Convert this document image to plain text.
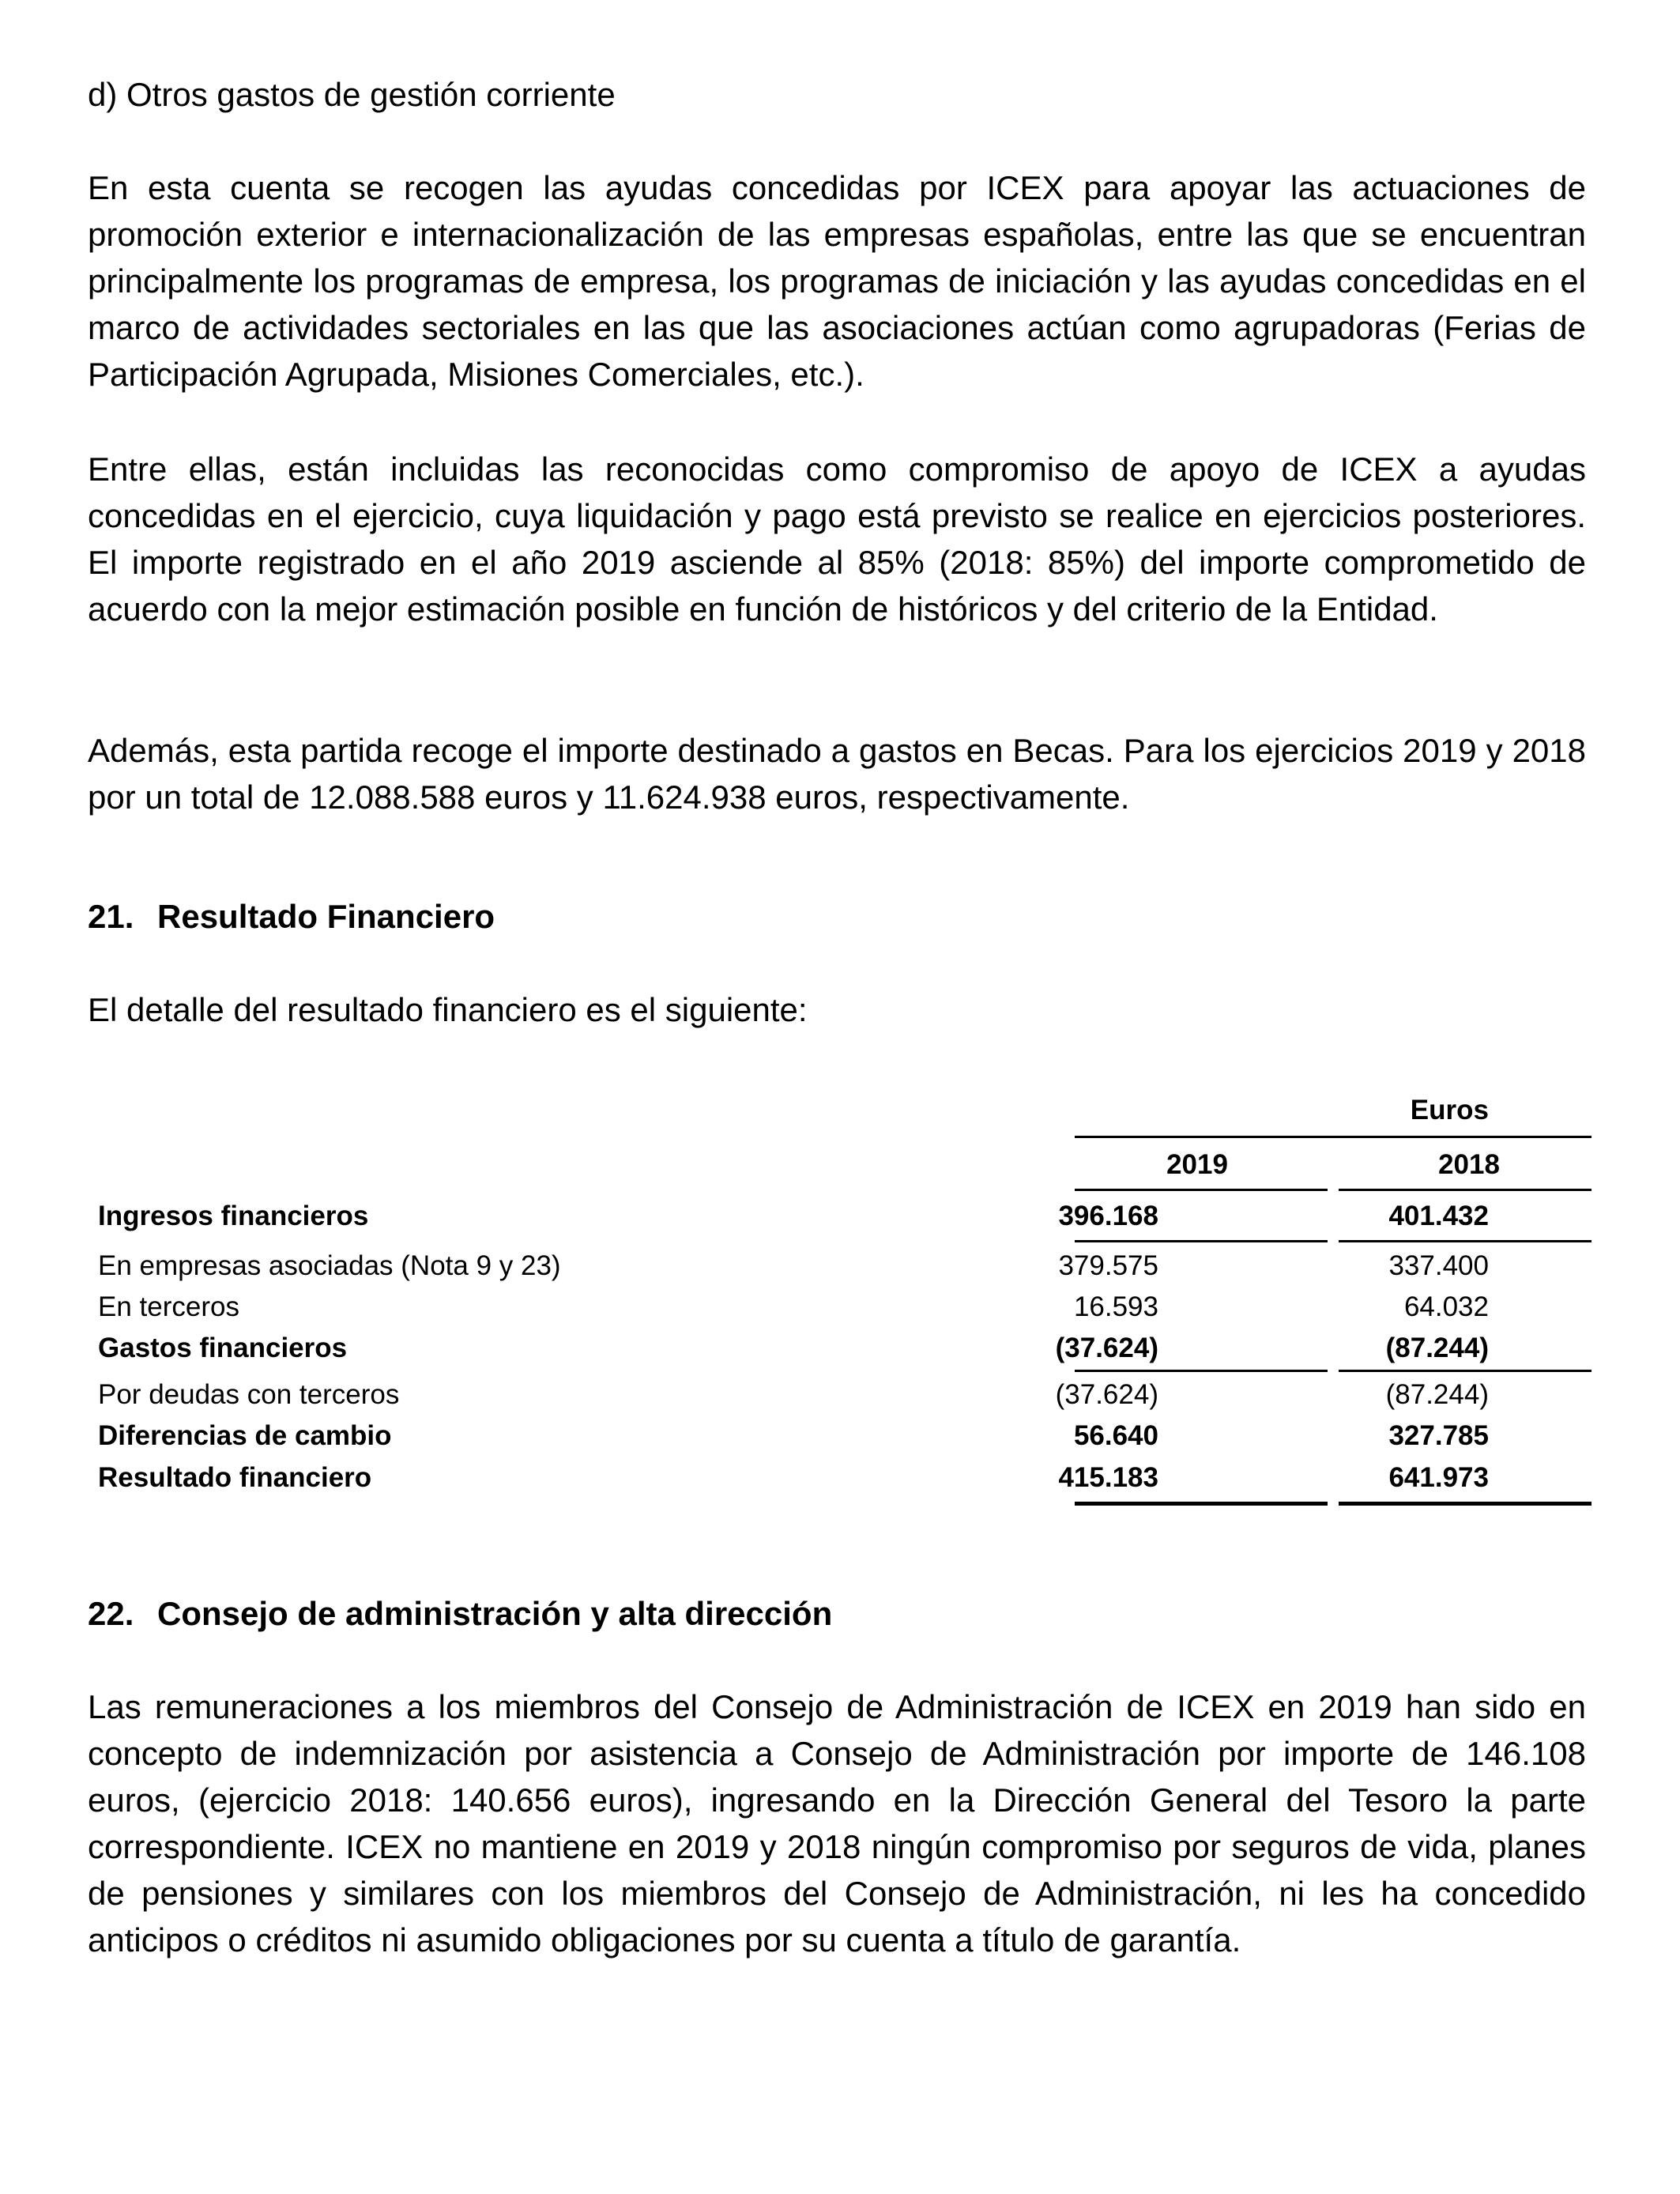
d) Otros gastos de gestión corriente

En esta cuenta se recogen las ayudas concedidas por ICEX para apoyar las actuaciones de promoción exterior e internacionalización de las empresas españolas, entre las que se encuentran principalmente los programas de empresa, los programas de iniciación y las ayudas concedidas en el marco de actividades sectoriales en las que las asociaciones actúan como agrupadoras (Ferias de Participación Agrupada, Misiones Comerciales, etc.).

Entre ellas, están incluidas las reconocidas como compromiso de apoyo de ICEX a ayudas concedidas en el ejercicio, cuya liquidación y pago está previsto se realice en ejercicios posteriores. El importe registrado en el año 2019 asciende al 85% (2018: 85%) del importe comprometido de acuerdo con la mejor estimación posible en función de históricos y del criterio de la Entidad.

Además, esta partida recoge el importe destinado a gastos en Becas. Para los ejercicios 2019 y 2018 por un total de 12.088.588 euros y 11.624.938 euros, respectivamente.

21. Resultado Financiero

El detalle del resultado financiero es el siguiente:

Euros
2019	2018
Ingresos financieros	396.168	401.432
En empresas asociadas (Nota 9 y 23)	379.575	337.400
En terceros	16.593	64.032
Gastos financieros	(37.624)	(87.244)
Por deudas con terceros	(37.624)	(87.244)
Diferencias de cambio	56.640	327.785
Resultado financiero	415.183	641.973

22. Consejo de administración y alta dirección

Las remuneraciones a los miembros del Consejo de Administración de ICEX en 2019 han sido en concepto de indemnización por asistencia a Consejo de Administración por importe de 146.108 euros, (ejercicio 2018: 140.656 euros), ingresando en la Dirección General del Tesoro la parte correspondiente. ICEX no mantiene en 2019 y 2018 ningún compromiso por seguros de vida, planes de pensiones y similares con los miembros del Consejo de Administración, ni les ha concedido anticipos o créditos ni asumido obligaciones por su cuenta a título de garantía.
